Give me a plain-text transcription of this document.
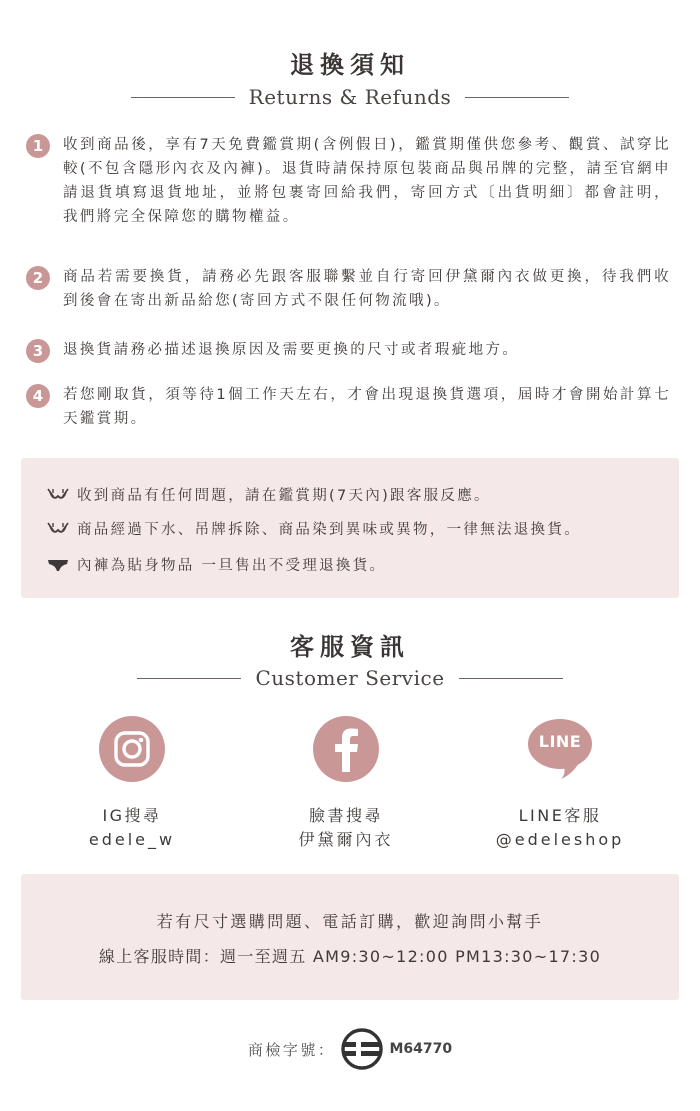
退換須知
Returns & Refunds
1	收到商品後，享有7天免費鑑賞期(含例假日)，鑑賞期僅供您參考、觀賞、試穿比較(不包含隱形內衣及內褲)。退貨時請保持原包裝商品與吊牌的完整，請至官網申請退貨填寫退貨地址，並將包裹寄回給我們，寄回方式〔出貨明細〕都會註明，我們將完全保障您的購物權益。
2	商品若需要換貨，請務必先跟客服聯繫並自行寄回伊黛爾內衣做更換，待我們收到後會在寄出新品給您(寄回方式不限任何物流哦)。
3	退換貨請務必描述退換原因及需要更換的尺寸或者瑕疵地方。
4	若您剛取貨，須等待1個工作天左右，才會出現退換貨選項，屆時才會開始計算七天鑑賞期。
收到商品有任何問題，請在鑑賞期(7天內)跟客服反應。
商品經過下水、吊牌拆除、商品染到異味或異物，一律無法退換貨。
內褲為貼身物品 一旦售出不受理退換貨。
客服資訊
Customer Service
IG搜尋
edele_w
臉書搜尋
伊黛爾內衣
LINE
LINE客服
@edeleshop
若有尺寸選購問題、電話訂購，歡迎詢問小幫手
線上客服時間：週一至週五 AM9:30~12:00 PM13:30~17:30
商檢字號：	M64770
